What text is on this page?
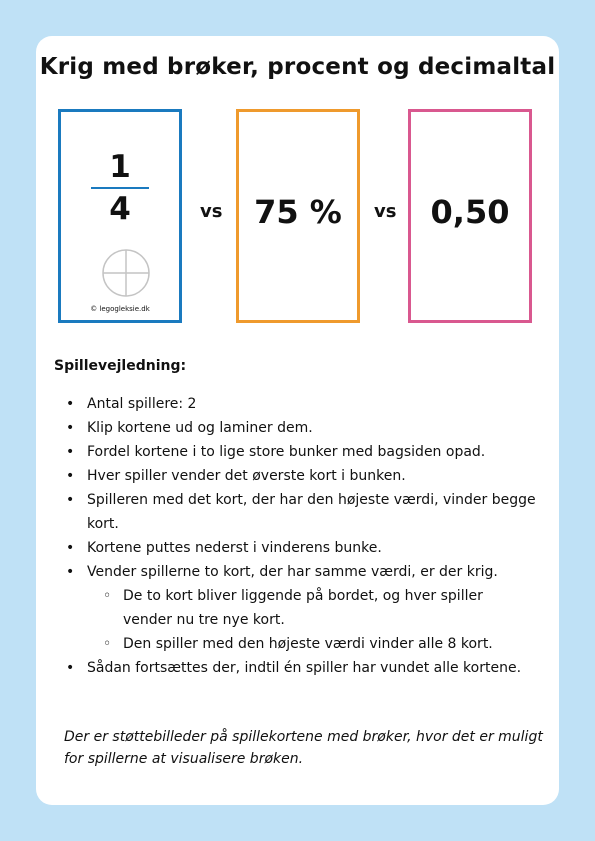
Krig med brøker, procent og decimaltal
1
4
© legogleksie.dk
vs 75 %	vs	0,50
Spillevejledning:
• Antal spillere: 2
• Klip kortene ud og laminer dem.
• Fordel kortene i to lige store bunker med bagsiden opad.
• Hver spiller vender det øverste kort i bunken.
• Spilleren med det kort, der har den højeste værdi, vinder begge kort.
• Kortene puttes nederst i vinderens bunke.
• Vender spillerne to kort, der har samme værdi, er der krig.
◦ De to kort bliver liggende på bordet, og hver spiller vender nu tre nye kort.
◦ Den spiller med den højeste værdi vinder alle 8 kort.
• Sådan fortsættes der, indtil én spiller har vundet alle kortene.
Der er støttebilleder på spillekortene med brøker, hvor det er muligt for spillerne at visualisere brøken.
